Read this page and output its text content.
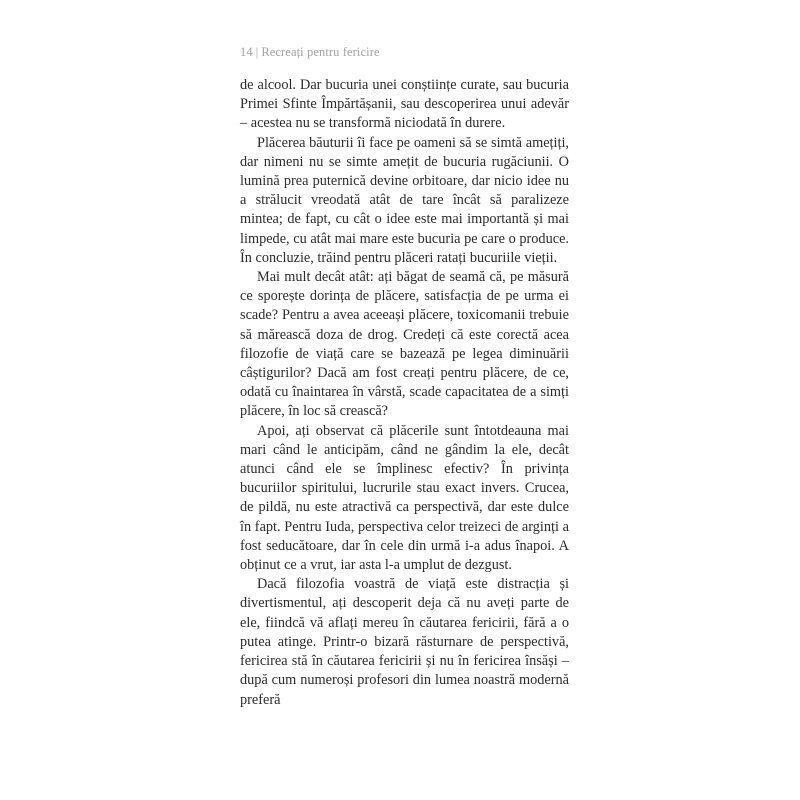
14 | Recreați pentru fericire

de alcool. Dar bucuria unei conștiințe curate, sau bucuria Primei Sfinte Împărtășanii, sau descoperirea unui adevăr – acestea nu se transformă niciodată în durere.

Plăcerea băuturii îi face pe oameni să se simtă amețiți, dar nimeni nu se simte amețit de bucuria rugăciunii. O lumină prea puternică devine orbitoare, dar nicio idee nu a strălucit vreodată atât de tare încât să paralizeze mintea; de fapt, cu cât o idee este mai importantă și mai limpede, cu atât mai mare este bucuria pe care o produce. În concluzie, trăind pentru plăceri ratați bucuriile vieții.

Mai mult decât atât: ați băgat de seamă că, pe măsură ce sporește dorința de plăcere, satisfacția de pe urma ei scade? Pentru a avea aceeași plăcere, toxicomanii trebuie să mărească doza de drog. Credeți că este corectă acea filozofie de viață care se bazează pe legea diminuării câștigurilor? Dacă am fost creați pentru plăcere, de ce, odată cu înaintarea în vârstă, scade capacitatea de a simți plăcere, în loc să crească?

Apoi, ați observat că plăcerile sunt întotdeauna mai mari când le anticipăm, când ne gândim la ele, decât atunci când ele se împlinesc efectiv? În privința bucuriilor spiritului, lucrurile stau exact invers. Crucea, de pildă, nu este atractivă ca perspectivă, dar este dulce în fapt. Pentru Iuda, perspectiva celor treizeci de arginți a fost seducătoare, dar în cele din urmă i-a adus înapoi. A obținut ce a vrut, iar asta l-a umplut de dezgust.

Dacă filozofia voastră de viață este distracția și divertismentul, ați descoperit deja că nu aveți parte de ele, fiindcă vă aflați mereu în căutarea fericirii, fără a o putea atinge. Printr-o bizară răsturnare de perspectivă, fericirea stă în căutarea fericirii și nu în fericirea însăși – după cum numeroși profesori din lumea noastră modernă preferă
